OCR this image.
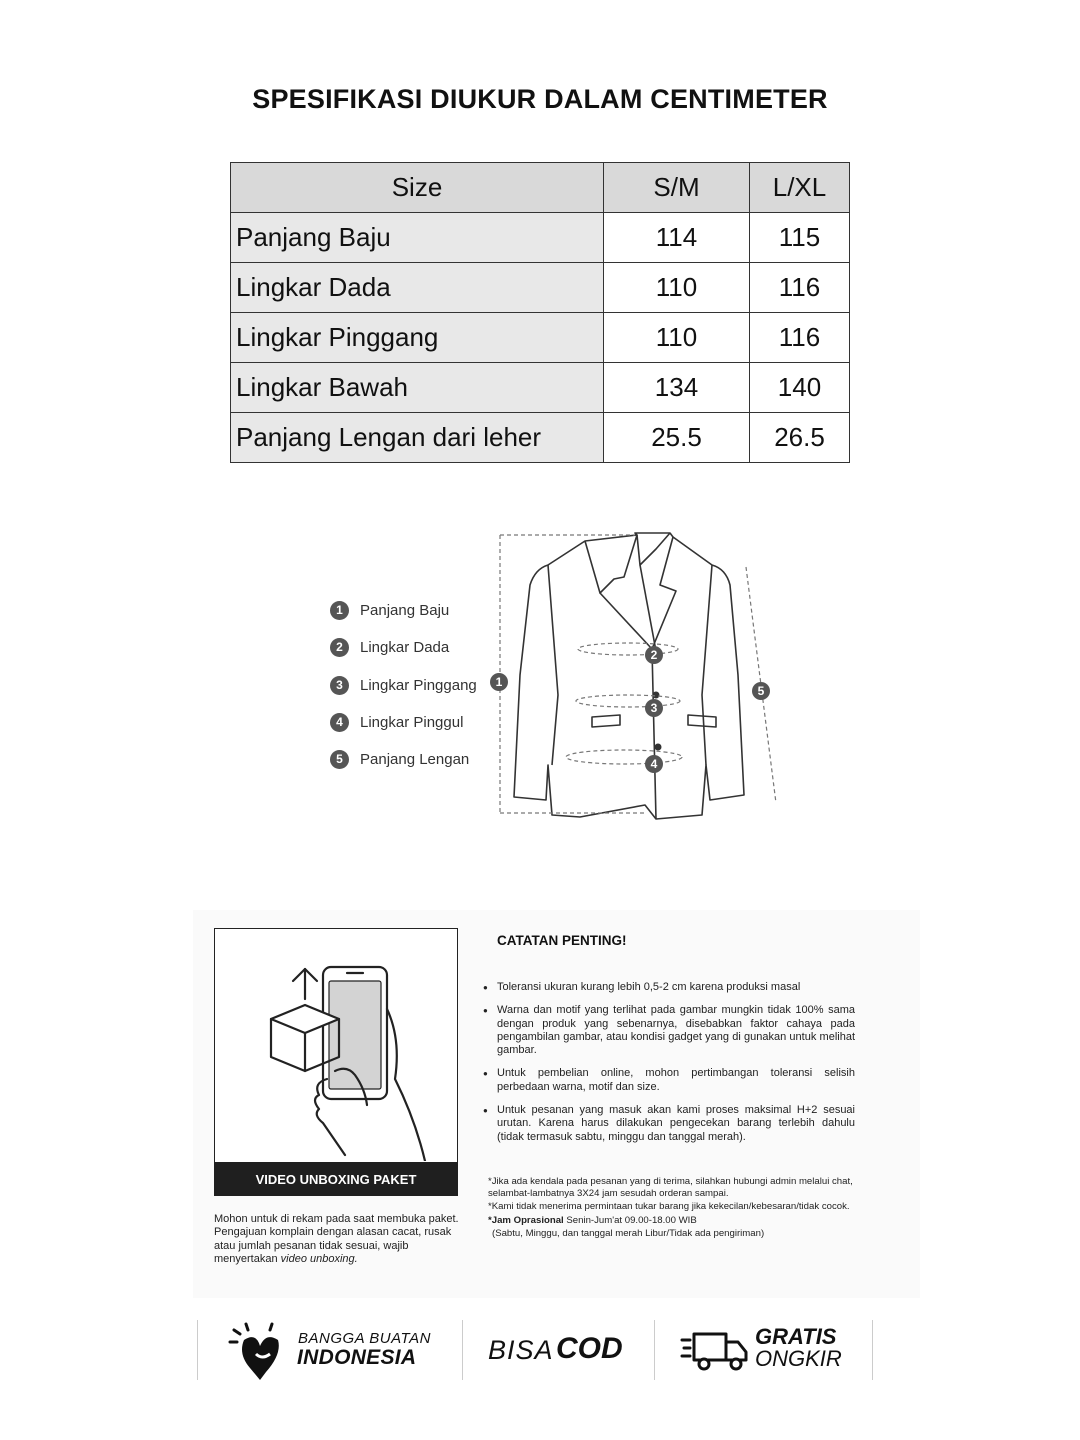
SPESIFIKASI DIUKUR DALAM CENTIMETER
Size	S/M	L/XL
Panjang Baju	114	115
Lingkar Dada	110	116
Lingkar Pinggang	110	116
Lingkar Bawah	134	140
Panjang Lengan dari leher	25.5	26.5
1	Panjang Baju
2	Lingkar Dada
3	Lingkar Pinggang
4	Lingkar Pinggul
5	Panjang Lengan
1
2
3
4
5
VIDEO UNBOXING PAKET
Mohon untuk di rekam pada saat membuka paket. Pengajuan komplain dengan alasan cacat, rusak atau jumlah pesanan tidak sesuai, wajib menyertakan video unboxing.
CATATAN PENTING!
● Toleransi ukuran kurang lebih 0,5-2 cm karena produksi masal
● Warna dan motif yang terlihat pada gambar mungkin tidak 100% sama dengan produk yang sebenarnya, disebabkan faktor cahaya pada pengambilan gambar, atau kondisi gadget yang di gunakan untuk melihat gambar.
● Untuk pembelian online, mohon pertimbangan toleransi selisih perbedaan warna, motif dan size.
● Untuk pesanan yang masuk akan kami proses maksimal H+2 sesuai urutan. Karena harus dilakukan pengecekan barang terlebih dahulu (tidak termasuk sabtu, minggu dan tanggal merah).
*Jika ada kendala pada pesanan yang di terima, silahkan hubungi admin melalui chat, selambat-lambatnya 3X24 jam sesudah orderan sampai.
*Kami tidak menerima permintaan tukar barang jika kekecilan/kebesaran/tidak cocok.
*Jam Oprasional Senin-Jum'at 09.00-18.00 WIB
(Sabtu, Minggu, dan tanggal merah Libur/Tidak ada pengiriman)
BANGGA BUATAN
INDONESIA	BISA COD	GRATIS
ONGKIR
